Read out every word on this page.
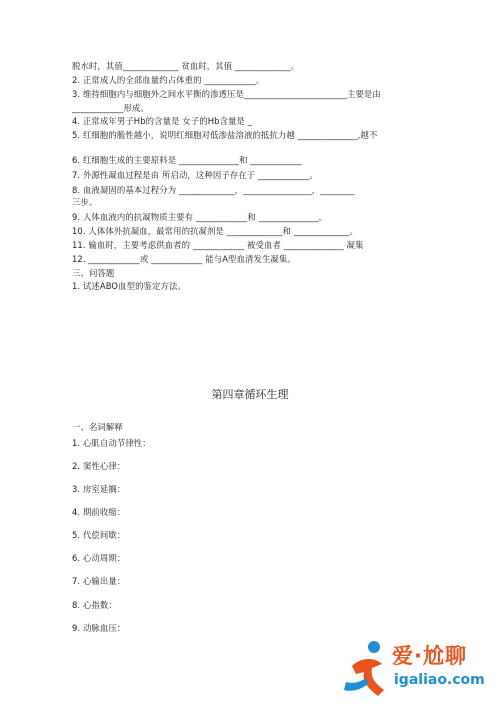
脱水时，其值_____________ 贫血时，其值 _____________。
2. 正常成人的全部血量约占体重的 ____________。
3. 维持细胞内与细胞外之间水平衡的渗透压是________________________主要是由
____________形成。
4. 正常成年男子Hb的含量是 女子的Hb含量是 _
5. 红细胞的脆性越小，说明红细胞对低渗盐溶液的抵抗力越 ______________,越不
6. 红细胞生成的主要原料是 ______________和 ____________
7. 外源性凝血过程是由 所启动，这种因子存在于 ____________。
8. 血液凝固的基本过程分为 _____________，________________，________
三步。
9. 人体血液内的抗凝物质主要有 ____________和 ______________。
10. 人体体外抗凝血，最常用的抗凝剂是 _____________和 _____________。
11. 输血时，主要考虑供血者的 ____________ 被受血者 ______________ 凝集
12. ____________或 ____________ 能与A型血清发生凝集。
三、问答题
1. 试述ABO血型的鉴定方法。
第四章循环生理
一、名词解释
1. 心肌自动节律性：
2. 窦性心律：
3. 房室延搁：
4. 期前收缩：
5. 代偿间歇：
6. 心动周期：
7. 心输出量：
8. 心指数：
9. 动脉血压：
爱·尬聊
igaliao.com
